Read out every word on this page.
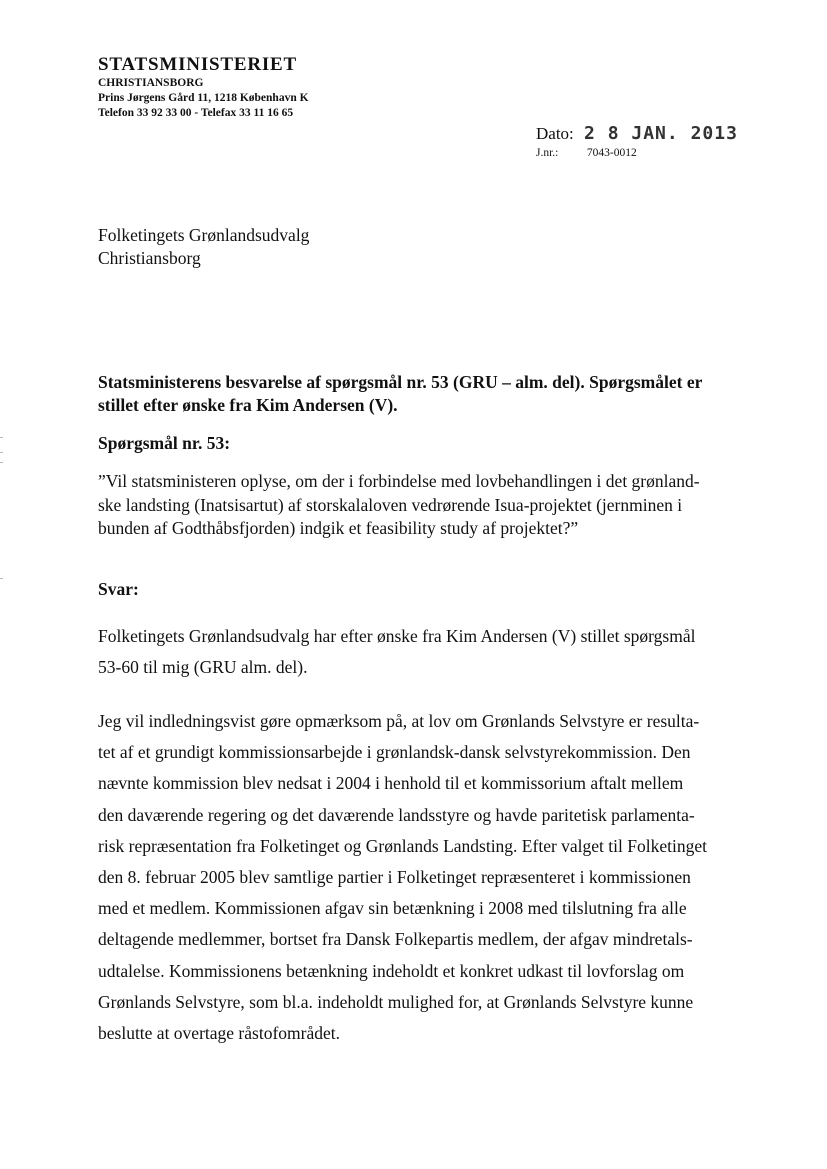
STATSMINISTERIET
CHRISTIANSBORG
Prins Jørgens Gård 11, 1218 København K
Telefon 33 92 33 00 - Telefax 33 11 16 65
Dato: 2 8 JAN. 2013
J.nr.: 7043-0012
Folketingets Grønlandsudvalg
Christiansborg
Statsministerens besvarelse af spørgsmål nr. 53 (GRU – alm. del). Spørgsmålet er
stillet efter ønske fra Kim Andersen (V).
Spørgsmål nr. 53:
”Vil statsministeren oplyse, om der i forbindelse med lovbehandlingen i det grønland-
ske landsting (Inatsisartut) af storskalaloven vedrørende Isua-projektet (jernminen i
bunden af Godthåbsfjorden) indgik et feasibility study af projektet?”
Svar:
Folketingets Grønlandsudvalg har efter ønske fra Kim Andersen (V) stillet spørgsmål
53-60 til mig (GRU alm. del).
Jeg vil indledningsvist gøre opmærksom på, at lov om Grønlands Selvstyre er resulta-
tet af et grundigt kommissionsarbejde i grønlandsk-dansk selvstyrekommission. Den
nævnte kommission blev nedsat i 2004 i henhold til et kommissorium aftalt mellem
den daværende regering og det daværende landsstyre og havde paritetisk parlamenta-
risk repræsentation fra Folketinget og Grønlands Landsting. Efter valget til Folketinget
den 8. februar 2005 blev samtlige partier i Folketinget repræsenteret i kommissionen
med et medlem. Kommissionen afgav sin betænkning i 2008 med tilslutning fra alle
deltagende medlemmer, bortset fra Dansk Folkepartis medlem, der afgav mindretals-
udtalelse. Kommissionens betænkning indeholdt et konkret udkast til lovforslag om
Grønlands Selvstyre, som bl.a. indeholdt mulighed for, at Grønlands Selvstyre kunne
beslutte at overtage råstofområdet.
